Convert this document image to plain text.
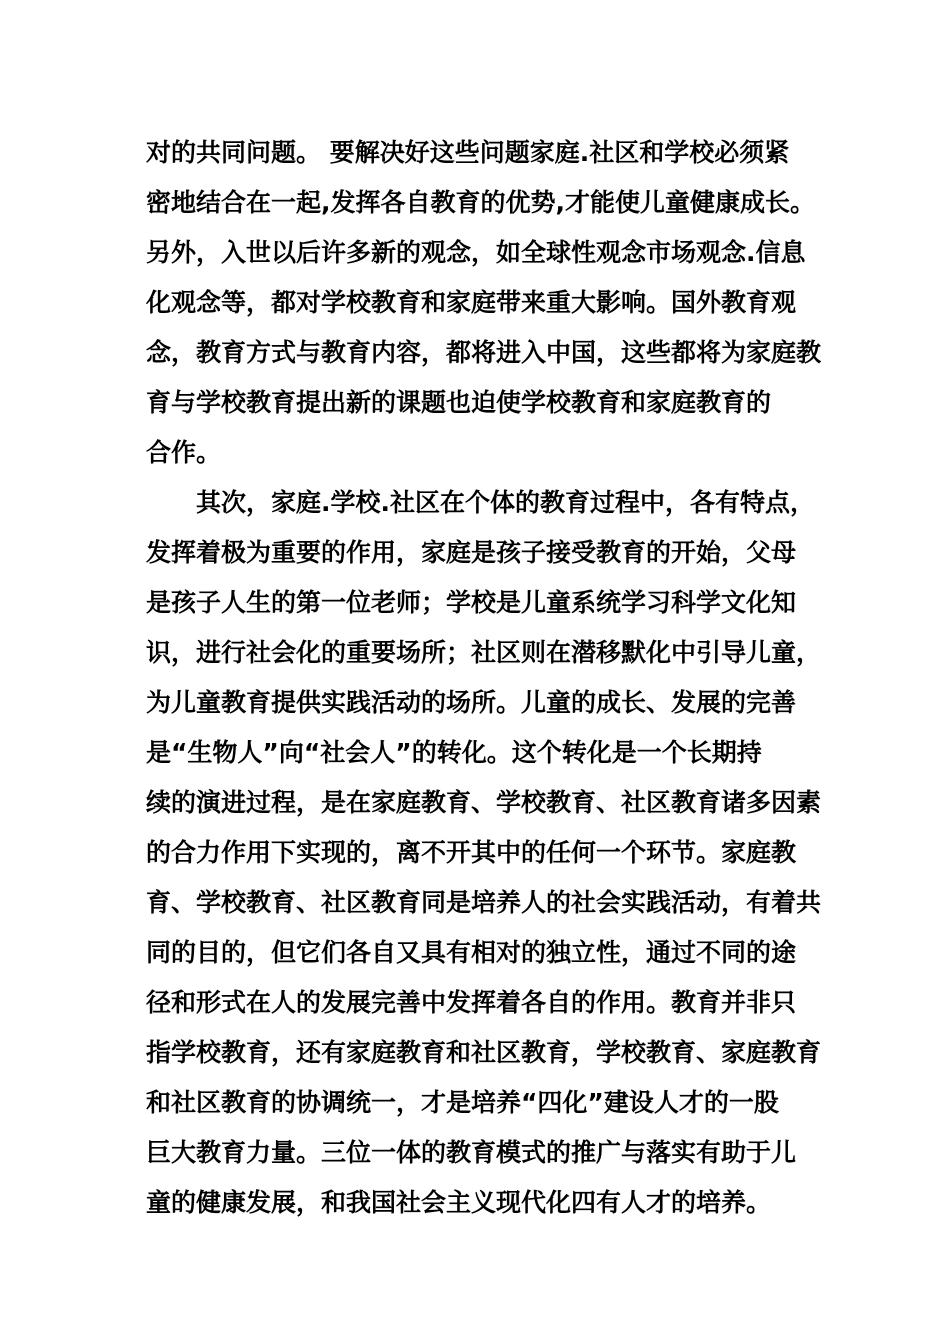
对的共同问题。 要解决好这些问题家庭.社区和学校必须紧
密地结合在一起,发挥各自教育的优势,才能使儿童健康成长。
另外，入世以后许多新的观念，如全球性观念市场观念.信息
化观念等，都对学校教育和家庭带来重大影响。国外教育观
念，教育方式与教育内容，都将进入中国，这些都将为家庭教
育与学校教育提出新的课题也迫使学校教育和家庭教育的
合作。
其次，家庭.学校.社区在个体的教育过程中，各有特点，
发挥着极为重要的作用，家庭是孩子接受教育的开始，父母
是孩子人生的第一位老师；学校是儿童系统学习科学文化知
识，进行社会化的重要场所；社区则在潜移默化中引导儿童，
为儿童教育提供实践活动的场所。儿童的成长、发展的完善
是“生物人”向“社会人”的转化。这个转化是一个长期持
续的演进过程，是在家庭教育、学校教育、社区教育诸多因素
的合力作用下实现的，离不开其中的任何一个环节。家庭教
育、学校教育、社区教育同是培养人的社会实践活动，有着共
同的目的，但它们各自又具有相对的独立性，通过不同的途
径和形式在人的发展完善中发挥着各自的作用。教育并非只
指学校教育，还有家庭教育和社区教育，学校教育、家庭教育
和社区教育的协调统一，才是培养“四化”建设人才的一股
巨大教育力量。三位一体的教育模式的推广与落实有助于儿
童的健康发展，和我国社会主义现代化四有人才的培养。
